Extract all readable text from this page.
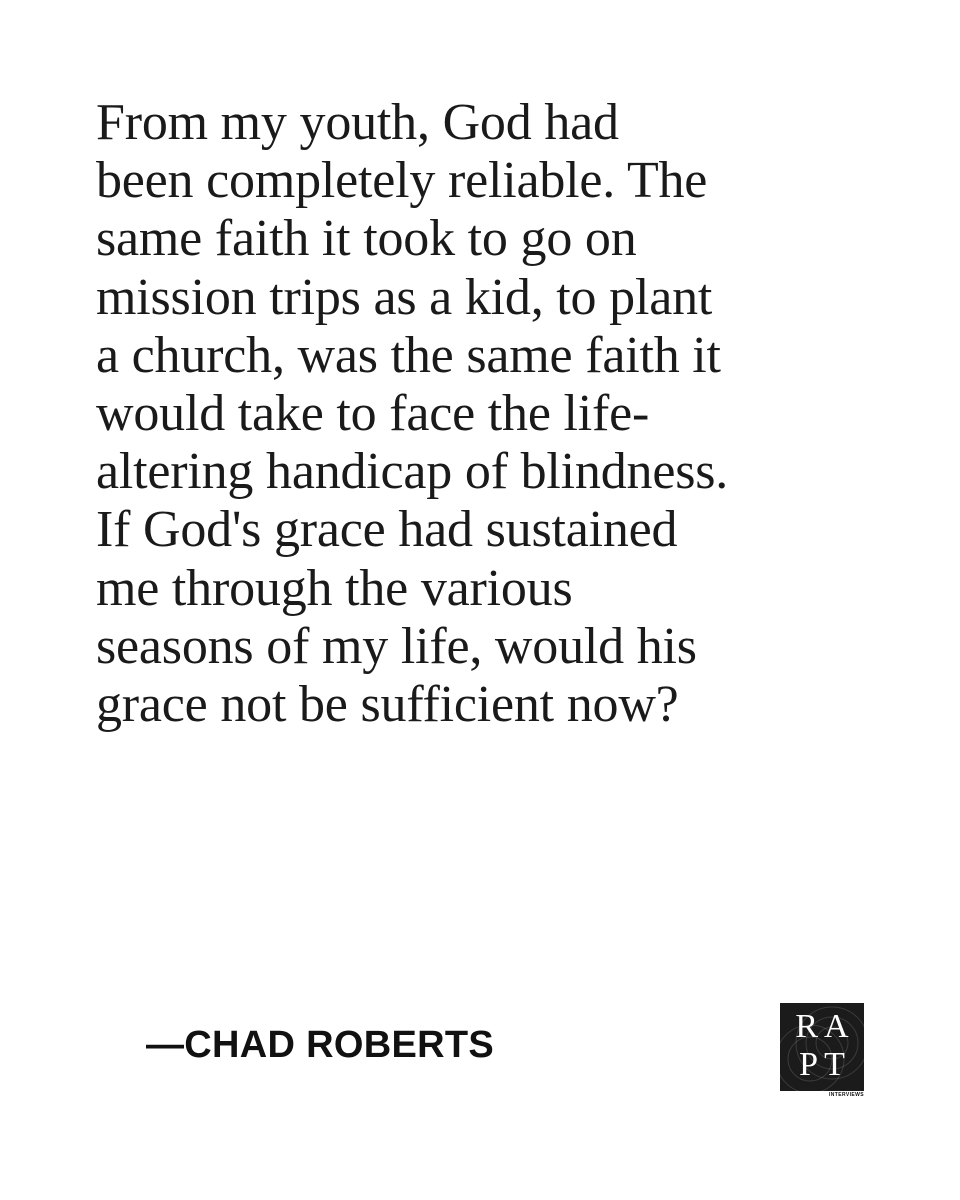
From my youth, God had
been completely reliable. The
same faith it took to go on
mission trips as a kid, to plant
a church, was the same faith it
would take to face the life-
altering handicap of blindness.
If God's grace had sustained
me through the various
seasons of my life, would his
grace not be sufficient now?

—CHAD ROBERTS	RA
PT
INTERVIEWS
